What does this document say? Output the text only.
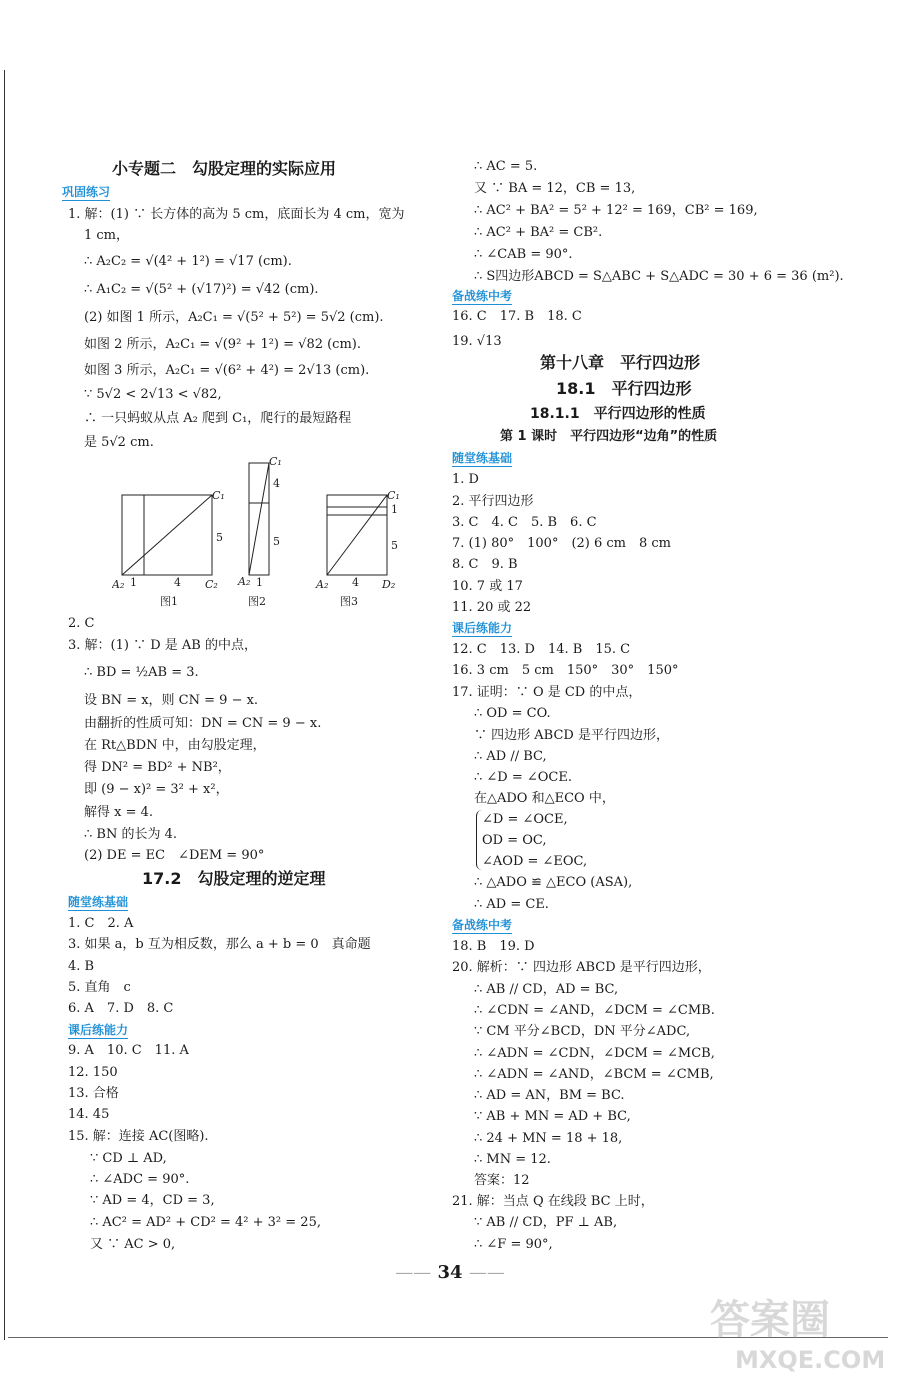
小专题二　勾股定理的实际应用
巩固练习
1. 解：(1) ∵ 长方体的高为 5 cm，底面长为 4 cm，宽为
1 cm，
∴ A₂C₂ = √(4² + 1²) = √17 (cm).
∴ A₁C₂ = √(5² + (√17)²) = √42 (cm).
(2) 如图 1 所示，A₂C₁ = √(5² + 5²) = 5√2 (cm).
如图 2 所示，A₂C₁ = √(9² + 1²) = √82 (cm).
如图 3 所示，A₂C₁ = √(6² + 4²) = 2√13 (cm).
∵ 5√2 < 2√13 < √82,
∴ 一只蚂蚁从点 A₂ 爬到 C₁，爬行的最短路程
是 5√2 cm.
A₂ 1	4 C₂
C₁
5
图1
A₂ 1
C₁
4
5
图2
A₂ 4 D₂
C₁
1
5
图3
2. C
3. 解：(1) ∵ D 是 AB 的中点，
∴ BD = ½AB = 3.
设 BN = x，则 CN = 9 − x.
由翻折的性质可知：DN = CN = 9 − x.
在 Rt△BDN 中，由勾股定理，
得 DN² = BD² + NB²，
即 (9 − x)² = 3² + x²，
解得 x = 4.
∴ BN 的长为 4.
(2) DE = EC　∠DEM = 90°
17.2　勾股定理的逆定理
随堂练基础
1. C　2. A
3. 如果 a，b 互为相反数，那么 a + b = 0　真命题
4. B
5. 直角　c
6. A　7. D　8. C
课后练能力
9. A　10. C　11. A
12. 150
13. 合格
14. 45
15. 解：连接 AC(图略).
∵ CD ⊥ AD,
∴ ∠ADC = 90°.
∵ AD = 4，CD = 3,
∴ AC² = AD² + CD² = 4² + 3² = 25,
又 ∵ AC > 0,
∴ AC = 5.
又 ∵ BA = 12，CB = 13,
∴ AC² + BA² = 5² + 12² = 169，CB² = 169,
∴ AC² + BA² = CB².
∴ ∠CAB = 90°.
∴ S四边形ABCD = S△ABC + S△ADC = 30 + 6 = 36 (m²).
备战练中考
16. C　17. B　18. C
19. √13
第十八章　平行四边形
18.1　平行四边形
18.1.1　平行四边形的性质
第 1 课时　平行四边形“边角”的性质
随堂练基础
1. D
2. 平行四边形
3. C　4. C　5. B　6. C
7. (1) 80°　100°　(2) 6 cm　8 cm
8. C　9. B
10. 7 或 17
11. 20 或 22
课后练能力
12. C　13. D　14. B　15. C
16. 3 cm　5 cm　150°　30°　150°
17. 证明：∵ O 是 CD 的中点，
∴ OD = CO.
∵ 四边形 ABCD 是平行四边形，
∴ AD // BC,
∴ ∠D = ∠OCE.
在△ADO 和△ECO 中，
∠D = ∠OCE,
OD = OC,
∠AOD = ∠EOC,
∴ △ADO ≌ △ECO (ASA),
∴ AD = CE.
备战练中考
18. B　19. D
20. 解析：∵ 四边形 ABCD 是平行四边形，
∴ AB // CD，AD = BC,
∴ ∠CDN = ∠AND，∠DCM = ∠CMB.
∵ CM 平分∠BCD，DN 平分∠ADC,
∴ ∠ADN = ∠CDN，∠DCM = ∠MCB,
∴ ∠ADN = ∠AND，∠BCM = ∠CMB,
∴ AD = AN，BM = BC.
∵ AB + MN = AD + BC,
∴ 24 + MN = 18 + 18,
∴ MN = 12.
答案：12
21. 解：当点 Q 在线段 BC 上时，
∵ AB // CD，PF ⊥ AB,
∴ ∠F = 90°,
—— 34 ——
答案圈
MXQE.COM
